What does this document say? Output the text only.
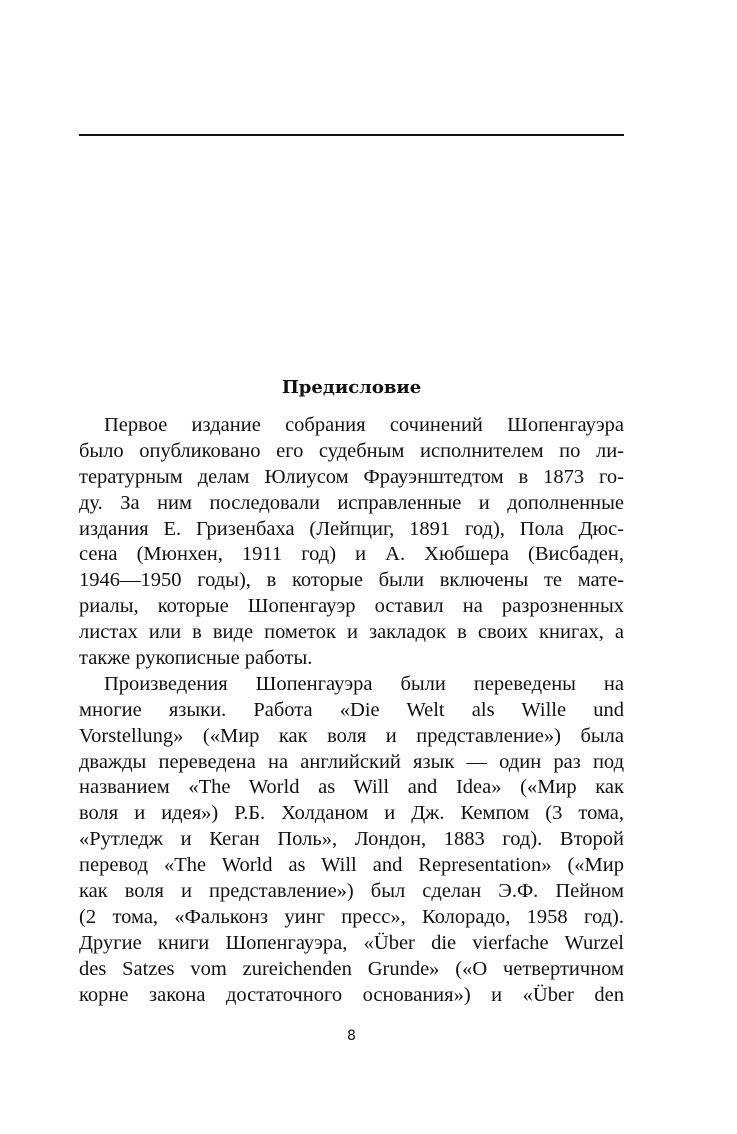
Предисловие
Первое издание собрания сочинений Шопенгауэра
было опубликовано его судебным исполнителем по ли-
тературным делам Юлиусом Фрауэнштедтом в 1873 го-
ду. За ним последовали исправленные и дополненные
издания Е. Гризенбаха (Лейпциг, 1891 год), Пола Дюс-
сена (Мюнхен, 1911 год) и А. Хюбшера (Висбаден,
1946—1950 годы), в которые были включены те мате-
риалы, которые Шопенгауэр оставил на разрозненных
листах или в виде пометок и закладок в своих книгах, а
также рукописные работы.
Произведения Шопенгауэра были переведены на
многие языки. Работа «Die Welt als Wille und
Vorstellung» («Мир как воля и представление») была
дважды переведена на английский язык — один раз под
названием «The World as Will and Idea» («Мир как
воля и идея») Р.Б. Холданом и Дж. Кемпом (3 тома,
«Рутледж и Кеган Поль», Лондон, 1883 год). Второй
перевод «The World as Will and Representation» («Мир
как воля и представление») был сделан Э.Ф. Пейном
(2 тома, «Фальконз уинг пресс», Колорадо, 1958 год).
Другие книги Шопенгауэра, «Über die vierfache Wurzel
des Satzes vom zureichenden Grunde» («О четвертичном
корне закона достаточного основания») и «Über den
8
